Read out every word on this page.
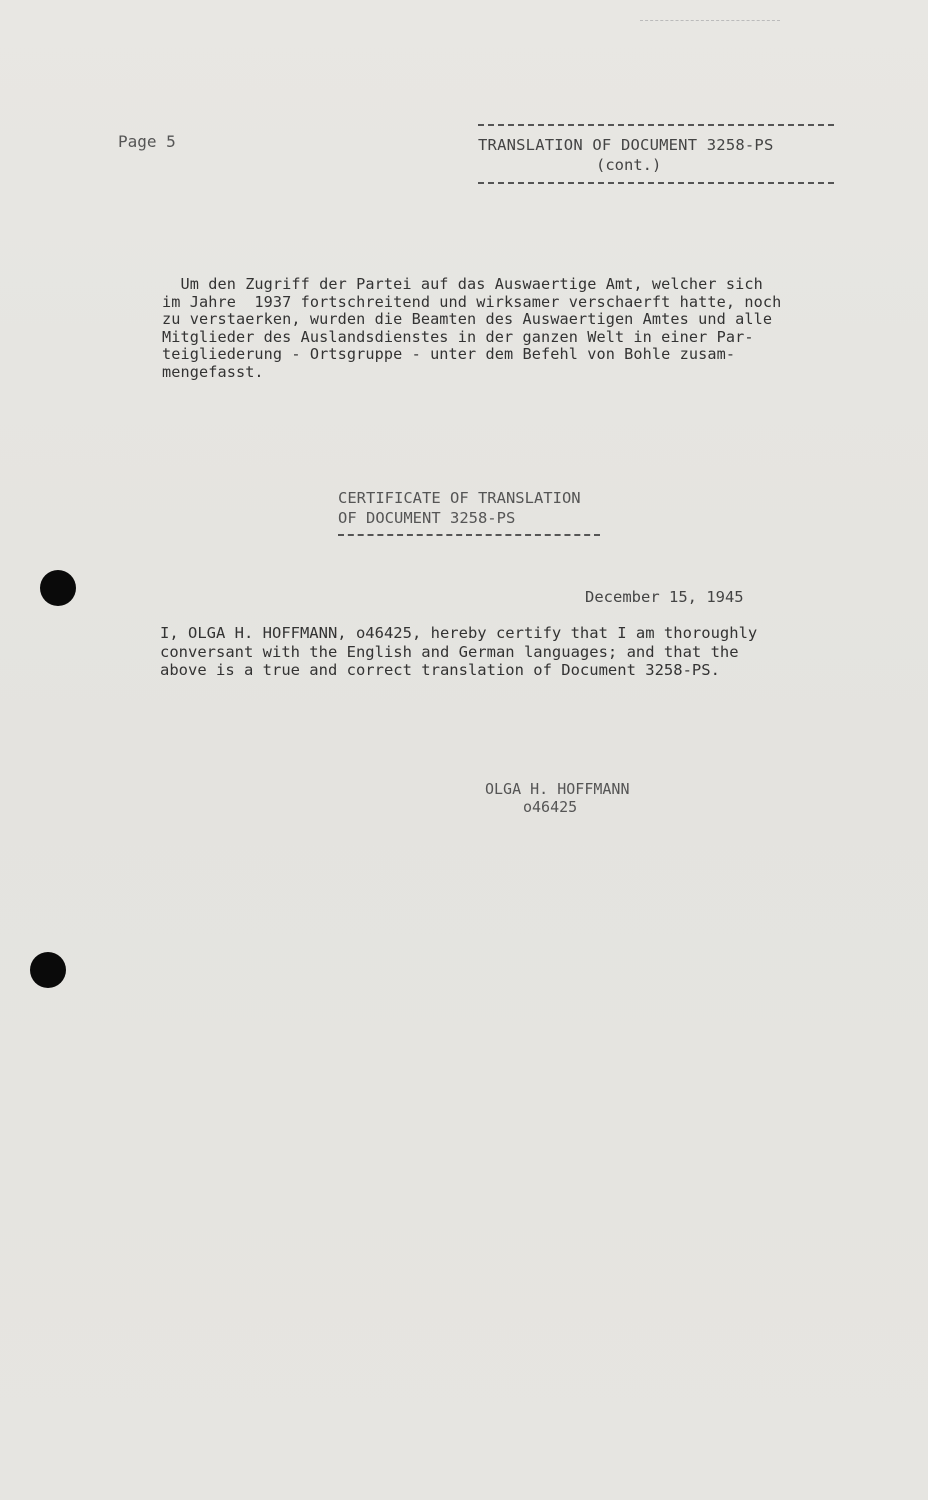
Page 5	TRANSLATION OF DOCUMENT 3258-PS
(cont.)
Um den Zugriff der Partei auf das Auswaertige Amt, welcher sich
im Jahre  1937 fortschreitend und wirksamer verschaerft hatte, noch
zu verstaerken, wurden die Beamten des Auswaertigen Amtes und alle
Mitglieder des Auslandsdienstes in der ganzen Welt in einer Par-
teigliederung - Ortsgruppe - unter dem Befehl von Bohle zusam-
mengefasst.
CERTIFICATE OF TRANSLATION
OF DOCUMENT 3258-PS
December 15, 1945
I, OLGA H. HOFFMANN, o46425, hereby certify that I am thoroughly
conversant with the English and German languages; and that the
above is a true and correct translation of Document 3258-PS.
OLGA H. HOFFMANN
o46425
